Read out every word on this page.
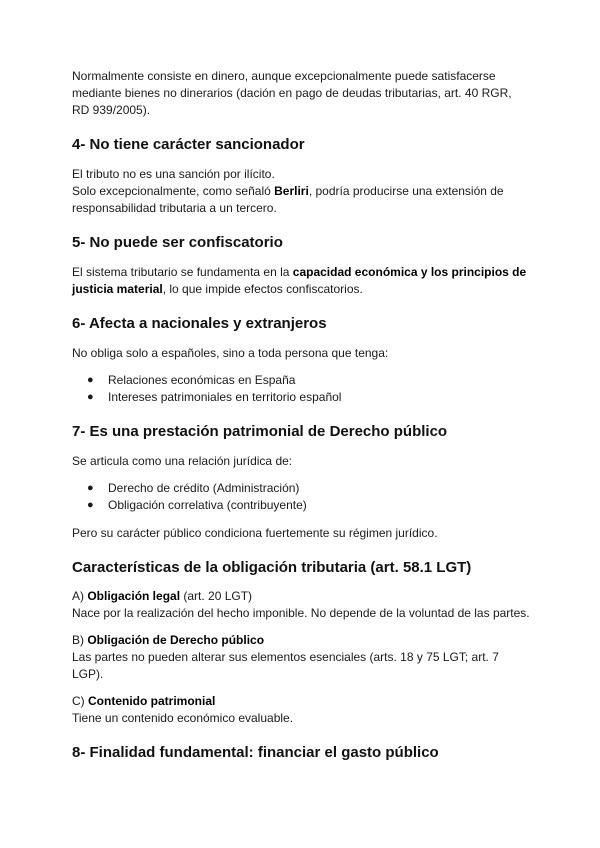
Normalmente consiste en dinero, aunque excepcionalmente puede satisfacerse mediante bienes no dinerarios (dación en pago de deudas tributarias, art. 40 RGR, RD 939/2005).

4- No tiene carácter sancionador

El tributo no es una sanción por ilícito.

Solo excepcionalmente, como señaló Berliri, podría producirse una extensión de responsabilidad tributaria a un tercero.

5- No puede ser confiscatorio

El sistema tributario se fundamenta en la capacidad económica y los principios de justicia material, lo que impide efectos confiscatorios.

6- Afecta a nacionales y extranjeros

No obliga solo a españoles, sino a toda persona que tenga:

● Relaciones económicas en España
● Intereses patrimoniales en territorio español
7- Es una prestación patrimonial de Derecho público

Se articula como una relación jurídica de:

● Derecho de crédito (Administración)
● Obligación correlativa (contribuyente)

Pero su carácter público condiciona fuertemente su régimen jurídico.

Características de la obligación tributaria (art. 58.1 LGT)

A) Obligación legal (art. 20 LGT)

Nace por la realización del hecho imponible. No depende de la voluntad de las partes.

B) Obligación de Derecho público

Las partes no pueden alterar sus elementos esenciales (arts. 18 y 75 LGT; art. 7 LGP).

C) Contenido patrimonial

Tiene un contenido económico evaluable.

8- Finalidad fundamental: financiar el gasto público
